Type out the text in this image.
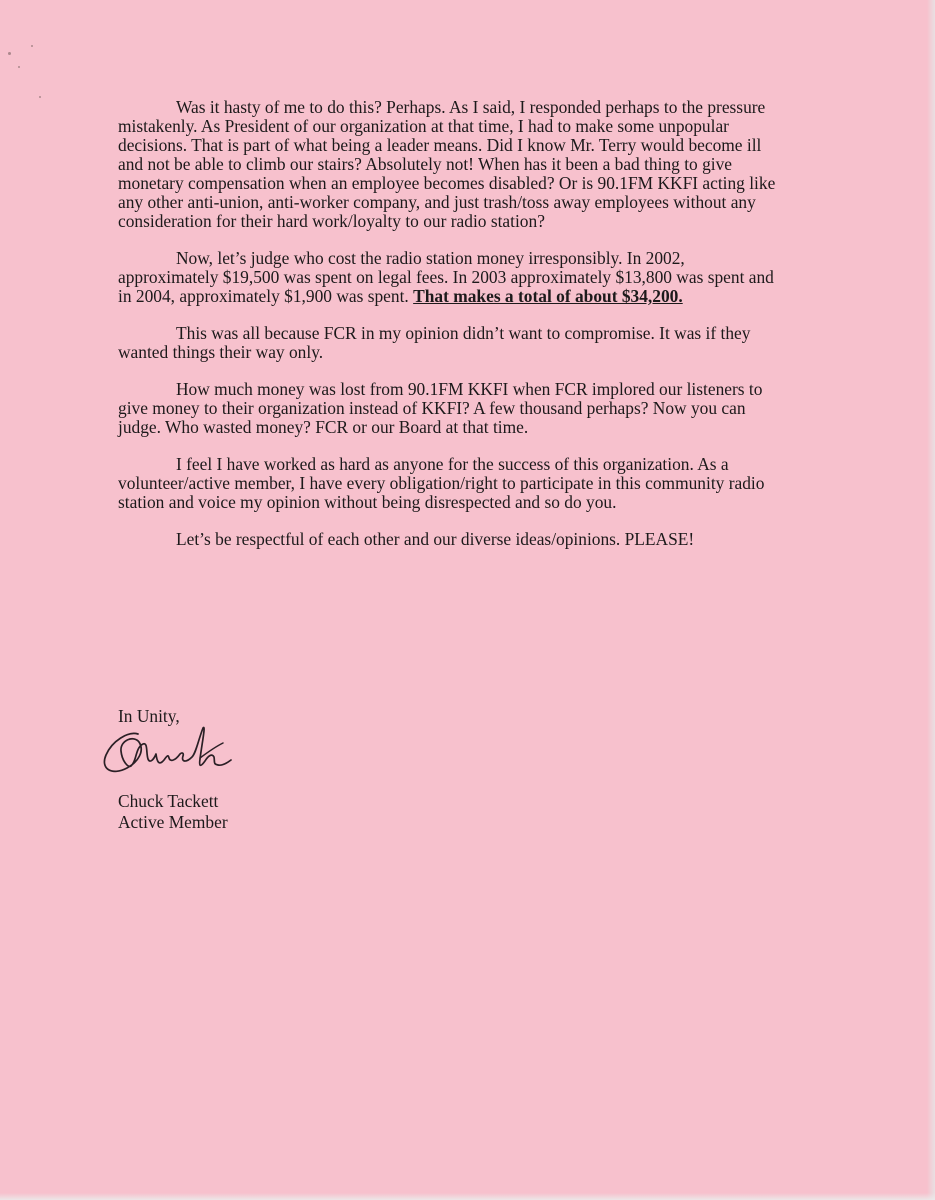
Was it hasty of me to do this? Perhaps. As I said, I responded perhaps to the pressure mistakenly. As President of our organization at that time, I had to make some unpopular decisions. That is part of what being a leader means. Did I know Mr. Terry would become ill and not be able to climb our stairs? Absolutely not! When has it been a bad thing to give monetary compensation when an employee becomes disabled? Or is 90.1FM KKFI acting like any other anti-union, anti-worker company, and just trash/toss away employees without any consideration for their hard work/loyalty to our radio station?

Now, let’s judge who cost the radio station money irresponsibly. In 2002, approximately $19,500 was spent on legal fees. In 2003 approximately $13,800 was spent and in 2004, approximately $1,900 was spent. That makes a total of about $34,200.

This was all because FCR in my opinion didn’t want to compromise. It was if they wanted things their way only.

How much money was lost from 90.1FM KKFI when FCR implored our listeners to give money to their organization instead of KKFI? A few thousand perhaps? Now you can judge. Who wasted money? FCR or our Board at that time.

I feel I have worked as hard as anyone for the success of this organization. As a volunteer/active member, I have every obligation/right to participate in this community radio station and voice my opinion without being disrespected and so do you.

Let’s be respectful of each other and our diverse ideas/opinions. PLEASE!

In Unity,
Chuck Tackett
Active Member
